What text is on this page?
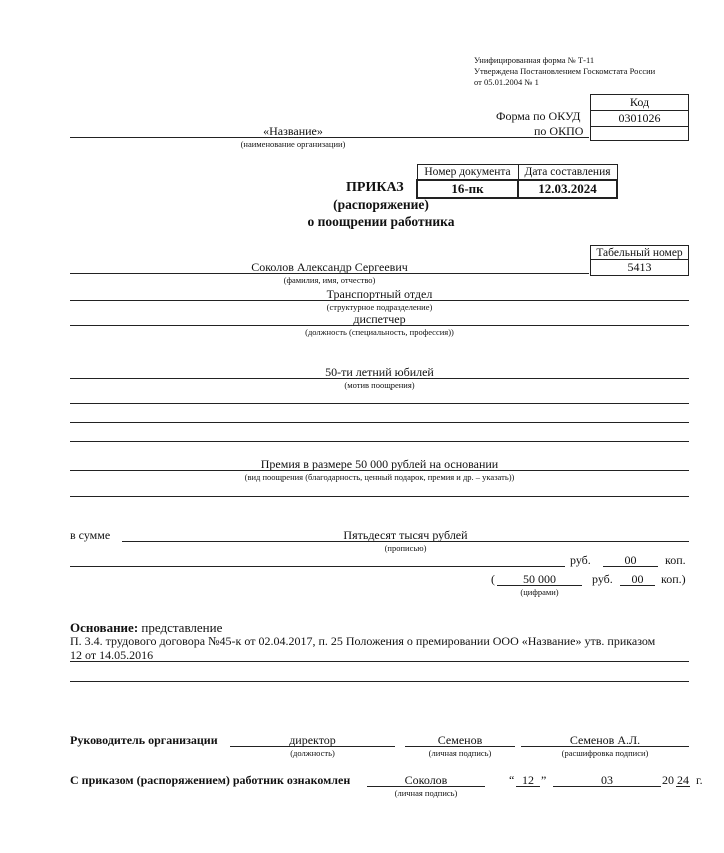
Унифицированная форма № Т-11
Утверждена Постановлением Госкомстата России
от 05.01.2004 № 1
Код
0301026

Форма по ОКУД
по ОКПО
«Название»
(наименование организации)
Номер документа	Дата составления
16-пк	12.03.2024
ПРИКАЗ
(распоряжение)
о поощрении работника
Табельный номер
5413
Соколов Александр Сергеевич
(фамилия, имя, отчество)
Транспортный отдел
(структурное подразделение)
диспетчер
(должность (специальность, профессия))
50-ти летний юбилей
(мотив поощрения)
Премия в размере 50 000 рублей на основании
(вид поощрения (благодарность, ценный подарок, премия и др. – указать))
в сумме	Пятьдесят тысяч рублей
(прописью)
руб.	00	коп.
(	50 000
(цифрами)
руб.	00	коп.)
Основание: представление
П. 3.4. трудового договора №45-к от 02.04.2017, п. 25 Положения о премировании ООО «Название» утв. приказом
12 от 14.05.2016
Руководитель организации	директор
(должность)
Семенов
(личная подпись)
Семенов А.Л.
(расшифровка подписи)
С приказом (распоряжением) работник ознакомлен	Соколов
(личная подпись)
“ 12 ”	03	20 24 г.
